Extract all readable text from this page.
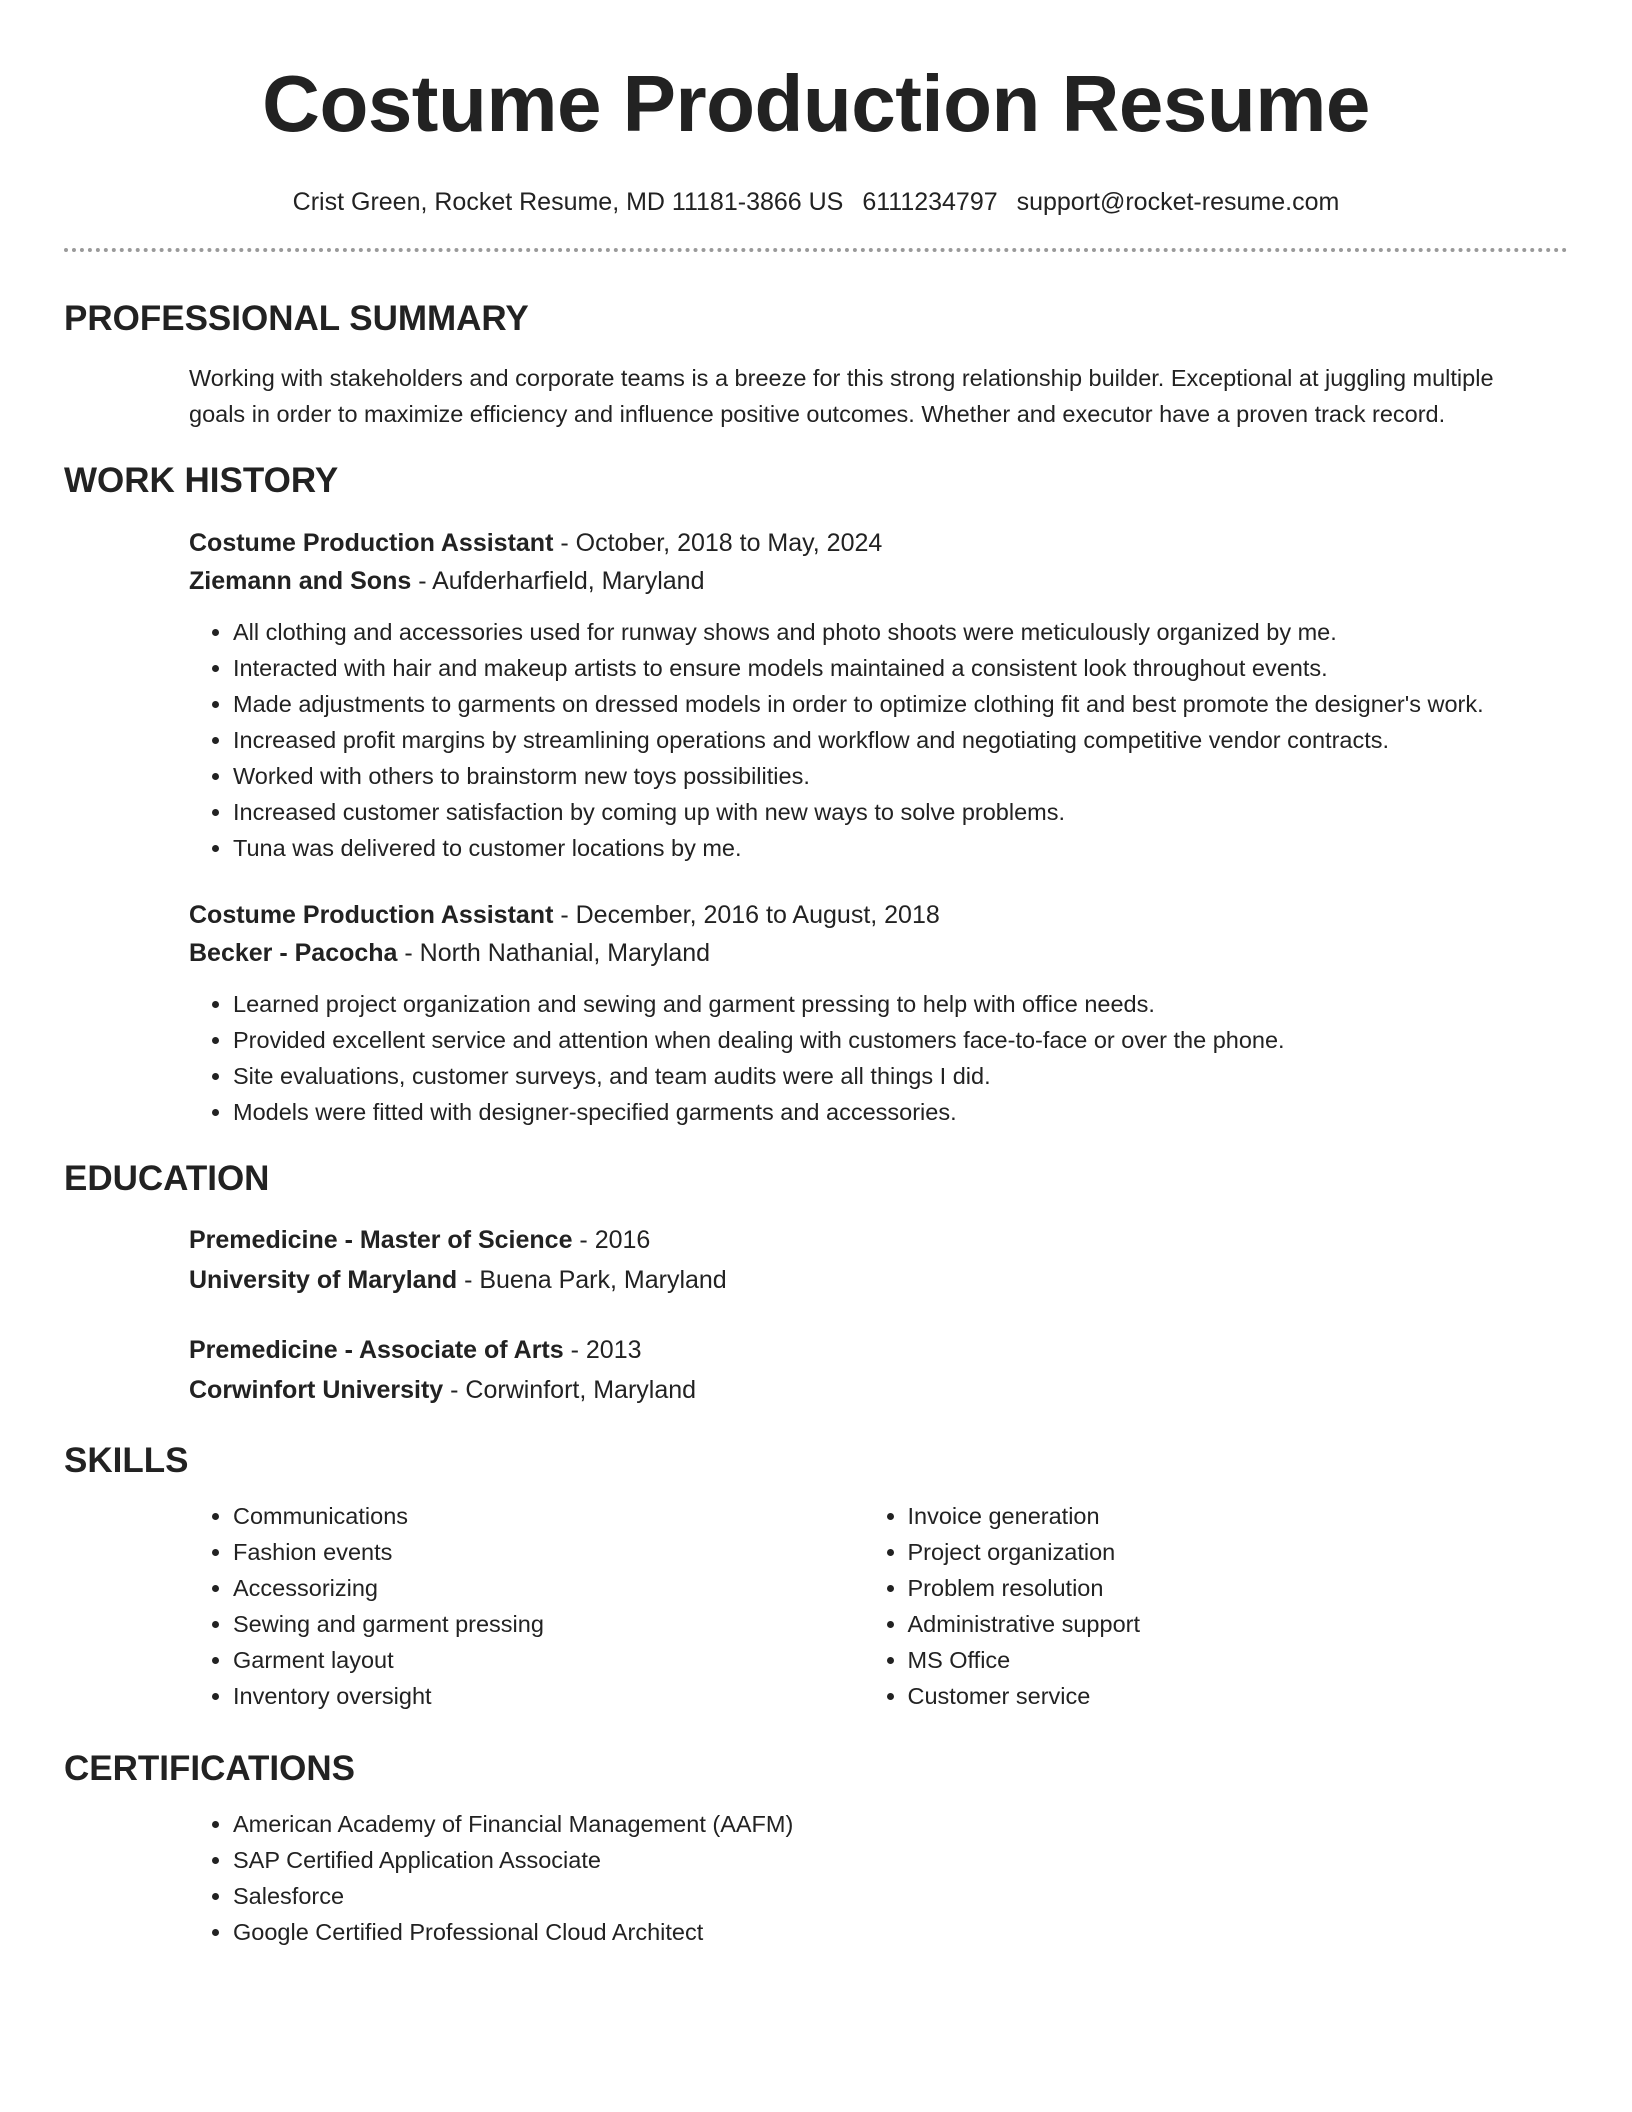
Costume Production Resume
Crist Green, Rocket Resume, MD 11181-3866 US 6111234797 support@rocket-resume.com
PROFESSIONAL SUMMARY

Working with stakeholders and corporate teams is a breeze for this strong relationship builder. Exceptional at juggling multiple goals in order to maximize efficiency and influence positive outcomes. Whether and executor have a proven track record.

WORK HISTORY
Costume Production Assistant - October, 2018 to May, 2024
Ziemann and Sons - Aufderharfield, Maryland
• All clothing and accessories used for runway shows and photo shoots were meticulously organized by me.
• Interacted with hair and makeup artists to ensure models maintained a consistent look throughout events.
• Made adjustments to garments on dressed models in order to optimize clothing fit and best promote the designer's work.
• Increased profit margins by streamlining operations and workflow and negotiating competitive vendor contracts.
• Worked with others to brainstorm new toys possibilities.
• Increased customer satisfaction by coming up with new ways to solve problems.
• Tuna was delivered to customer locations by me.
Costume Production Assistant - December, 2016 to August, 2018
Becker - Pacocha - North Nathanial, Maryland
• Learned project organization and sewing and garment pressing to help with office needs.
• Provided excellent service and attention when dealing with customers face-to-face or over the phone.
• Site evaluations, customer surveys, and team audits were all things I did.
• Models were fitted with designer-specified garments and accessories.
EDUCATION
Premedicine - Master of Science - 2016
University of Maryland - Buena Park, Maryland
Premedicine - Associate of Arts - 2013
Corwinfort University - Corwinfort, Maryland
SKILLS
• Communications
• Fashion events
• Accessorizing
• Sewing and garment pressing
• Garment layout
• Inventory oversight
• Invoice generation
• Project organization
• Problem resolution
• Administrative support
• MS Office
• Customer service
CERTIFICATIONS
• American Academy of Financial Management (AAFM)
• SAP Certified Application Associate
• Salesforce
• Google Certified Professional Cloud Architect
